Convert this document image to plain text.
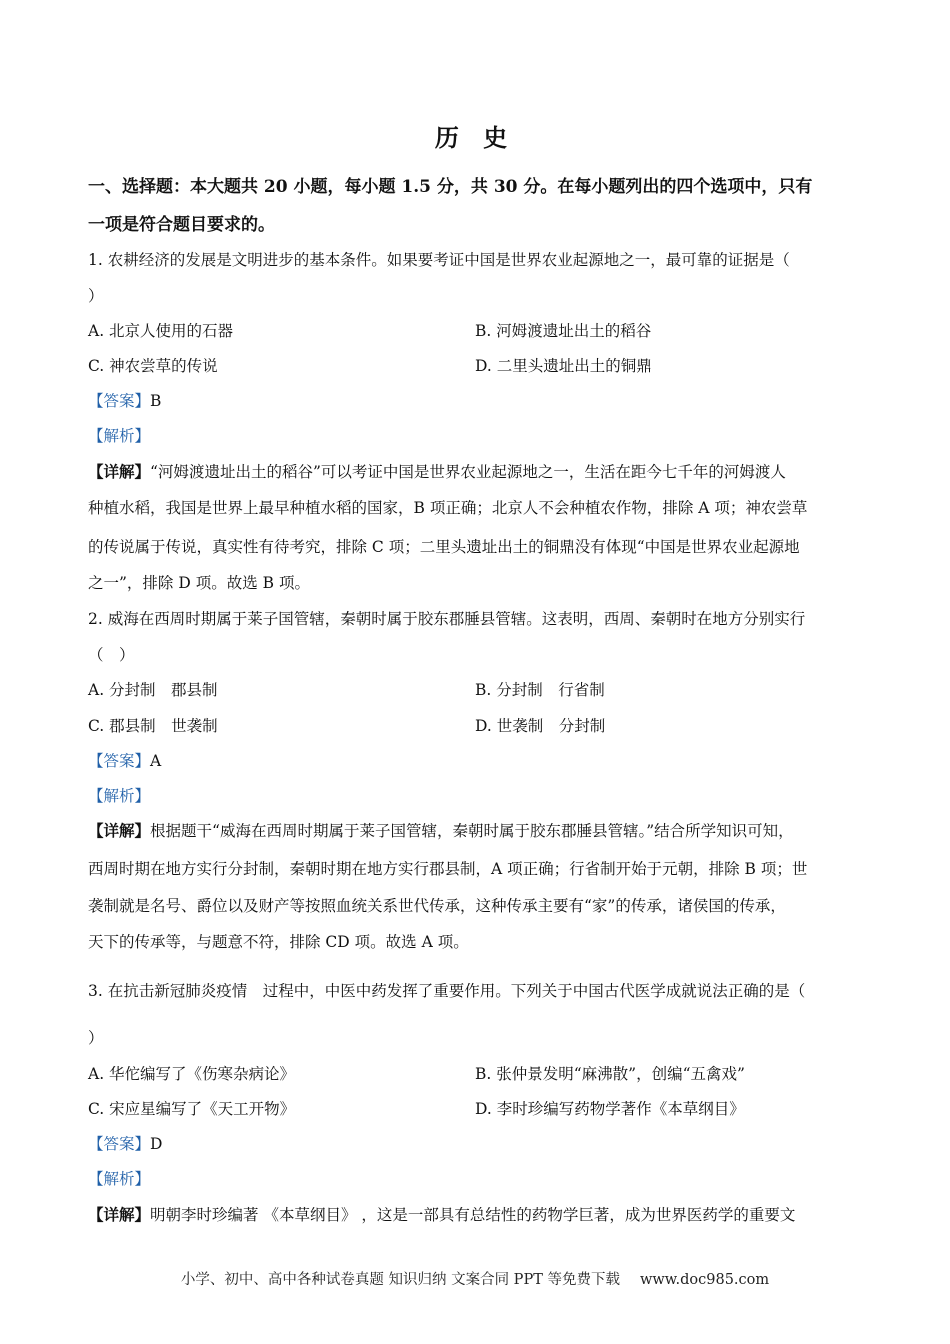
历 史
一、选择题：本大题共 20 小题，每小题 1.5 分，共 30 分。在每小题列出的四个选项中，只有
一项是符合题目要求的。
1. 农耕经济的发展是文明进步的基本条件。如果要考证中国是世界农业起源地之一，最可靠的证据是（
）
A. 北京人使用的石器	B. 河姆渡遗址出土的稻谷
C. 神农尝草的传说	D. 二里头遗址出土的铜鼎
【答案】B
【解析】
【详解】“河姆渡遗址出土的稻谷”可以考证中国是世界农业起源地之一，生活在距今七千年的河姆渡人
种植水稻，我国是世界上最早种植水稻的国家，B 项正确；北京人不会种植农作物，排除 A 项；神农尝草
的传说属于传说，真实性有待考究，排除 C 项；二里头遗址出土的铜鼎没有体现“中国是世界农业起源地
之一”，排除 D 项。故选 B 项。
2. 威海在西周时期属于莱子国管辖，秦朝时属于胶东郡腄县管辖。这表明，西周、秦朝时在地方分别实行
（　）
A. 分封制　郡县制	B. 分封制　行省制
C. 郡县制　世袭制	D. 世袭制　分封制
【答案】A
【解析】
【详解】根据题干“威海在西周时期属于莱子国管辖，秦朝时属于胶东郡腄县管辖。”结合所学知识可知，
西周时期在地方实行分封制，秦朝时期在地方实行郡县制，A 项正确；行省制开始于元朝，排除 B 项；世
袭制就是名号、爵位以及财产等按照血统关系世代传承，这种传承主要有“家”的传承，诸侯国的传承，
天下的传承等，与题意不符，排除 CD 项。故选 A 项。
3. 在抗击新冠肺炎疫情　过程中，中医中药发挥了重要作用。下列关于中国古代医学成就说法正确的是（
）
A. 华佗编写了《伤寒杂病论》	B. 张仲景发明“麻沸散”，创编“五禽戏”
C. 宋应星编写了《天工开物》	D. 李时珍编写药物学著作《本草纲目》
【答案】D
【解析】
【详解】明朝李时珍编著 《本草纲目》 ，这是一部具有总结性的药物学巨著，成为世界医药学的重要文
小学、初中、高中各种试卷真题 知识归纳 文案合同 PPT 等免费下载 www.doc985.com
